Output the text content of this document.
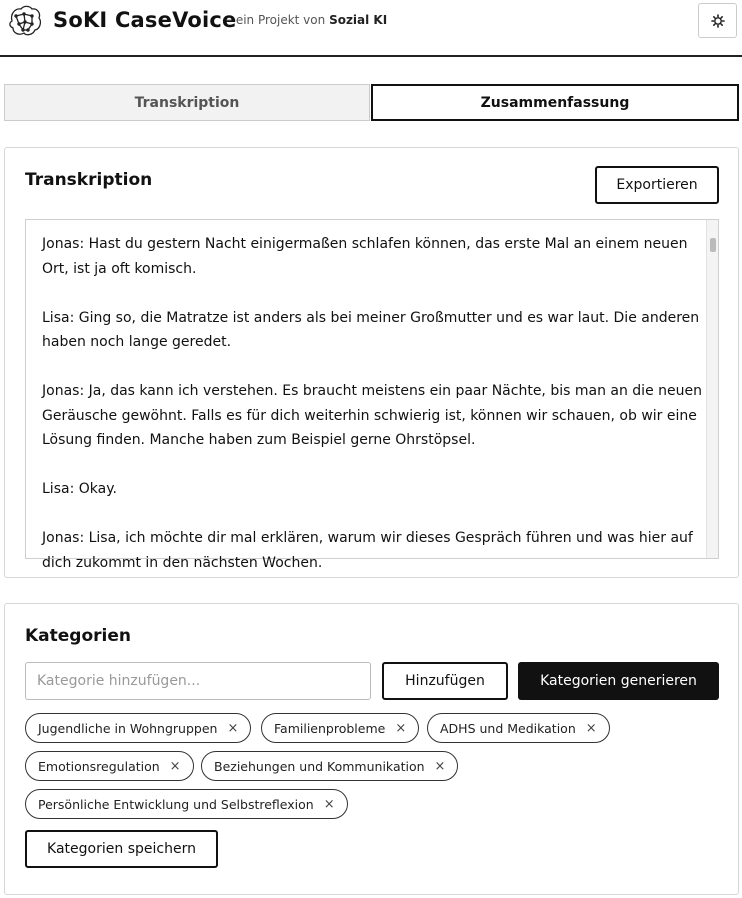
SoKI CaseVoice
– ein Projekt von Sozial KI
Transkription	Zusammenfassung
Transkription	Exportieren
Jonas: Hast du gestern Nacht einigermaßen schlafen können, das erste Mal an einem neuen Ort, ist ja oft komisch.
Lisa: Ging so, die Matratze ist anders als bei meiner Großmutter und es war laut. Die anderen haben noch lange geredet.
Jonas: Ja, das kann ich verstehen. Es braucht meistens ein paar Nächte, bis man an die neuen Geräusche gewöhnt. Falls es für dich weiterhin schwierig ist, können wir schauen, ob wir eine Lösung finden. Manche haben zum Beispiel gerne Ohrstöpsel.
Lisa: Okay.
Jonas: Lisa, ich möchte dir mal erklären, warum wir dieses Gespräch führen und was hier auf dich zukommt in den nächsten Wochen.
Kategorien
Kategorie hinzufügen...
Hinzufügen	Kategorien generieren
Jugendliche in Wohngruppen ×	Familienprobleme ×	ADHS und Medikation ×
Emotionsregulation ×	Beziehungen und Kommunikation ×
Persönliche Entwicklung und Selbstreflexion ×
Kategorien speichern
